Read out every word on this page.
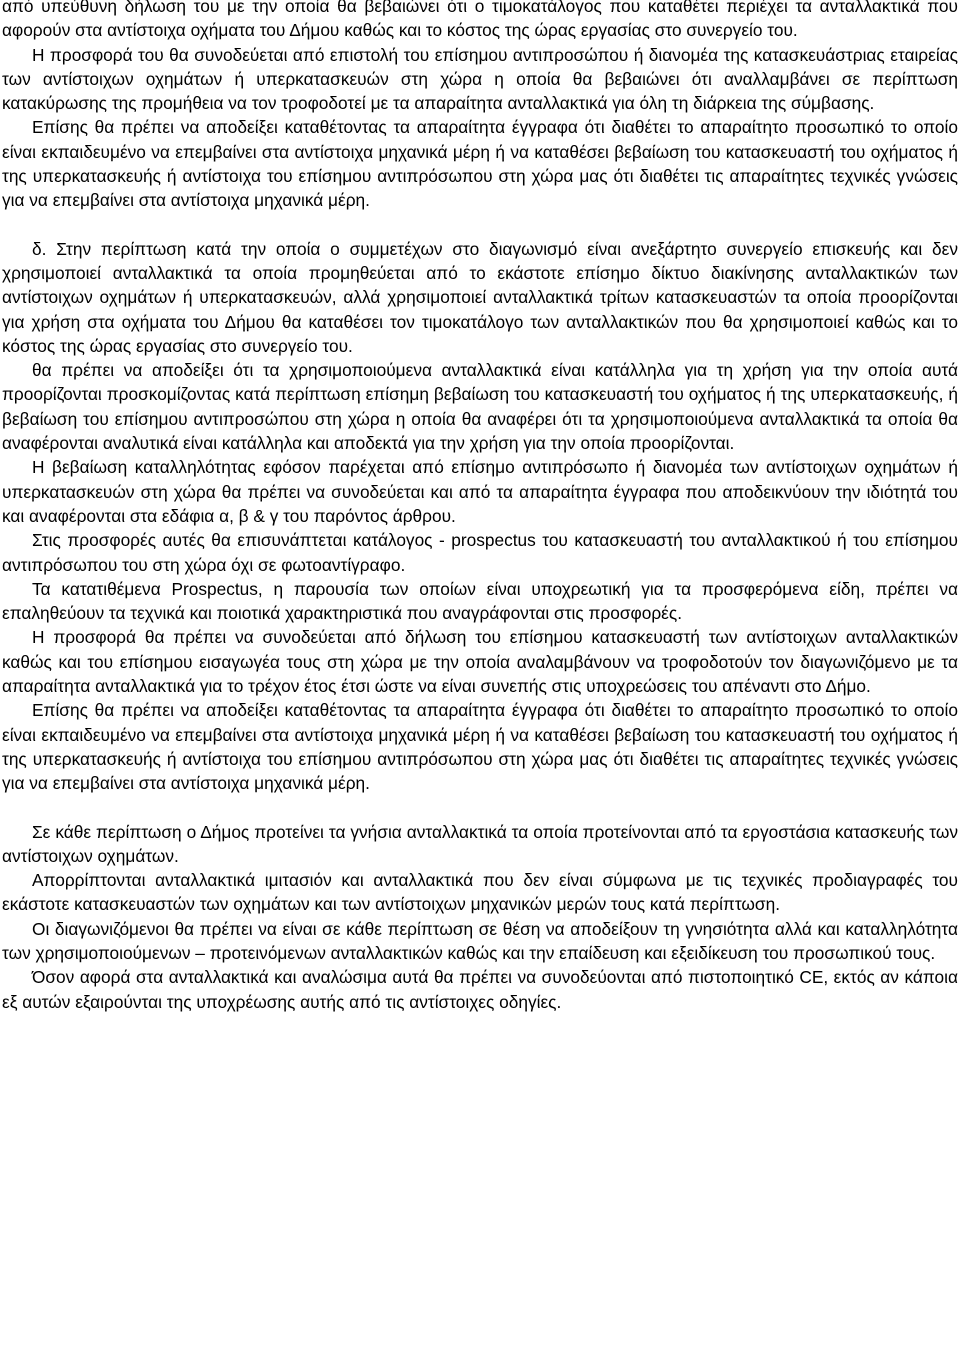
από υπεύθυνη δήλωση του με την οποία θα βεβαιώνει ότι ο τιμοκατάλογος που καταθέτει περιέχει τα ανταλλακτικά που αφορούν στα αντίστοιχα οχήματα του Δήμου καθώς και το κόστος της ώρας εργασίας στο συνεργείο του.

Η προσφορά του θα συνοδεύεται από επιστολή του επίσημου αντιπροσώπου ή διανομέα της κατασκευάστριας εταιρείας των αντίστοιχων οχημάτων ή υπερκατασκευών στη χώρα η οποία θα βεβαιώνει ότι αναλλαμβάνει σε περίπτωση κατακύρωσης της προμήθεια να τον τροφοδοτεί με τα απαραίτητα ανταλλακτικά για όλη τη διάρκεια της σύμβασης.

Επίσης θα πρέπει να αποδείξει καταθέτοντας τα απαραίτητα έγγραφα ότι διαθέτει το απαραίτητο προσωπικό το οποίο είναι εκπαιδευμένο να επεμβαίνει στα αντίστοιχα μηχανικά μέρη ή να καταθέσει βεβαίωση του κατασκευαστή του οχήματος ή της υπερκατασκευής ή αντίστοιχα του επίσημου αντιπρόσωπου στη χώρα μας ότι διαθέτει τις απαραίτητες τεχνικές γνώσεις για να επεμβαίνει στα αντίστοιχα μηχανικά μέρη.

δ. Στην περίπτωση κατά την οποία ο συμμετέχων στο διαγωνισμό είναι ανεξάρτητο συνεργείο επισκευής και δεν χρησιμοποιεί ανταλλακτικά τα οποία προμηθεύεται από το εκάστοτε επίσημο δίκτυο διακίνησης ανταλλακτικών των αντίστοιχων οχημάτων ή υπερκατασκευών, αλλά χρησιμοποιεί ανταλλακτικά τρίτων κατασκευαστών τα οποία προορίζονται για χρήση στα οχήματα του Δήμου θα καταθέσει τον τιμοκατάλογο των ανταλλακτικών που θα χρησιμοποιεί καθώς και το κόστος της ώρας εργασίας στο συνεργείο του.

θα πρέπει να αποδείξει ότι τα χρησιμοποιούμενα ανταλλακτικά είναι κατάλληλα για τη χρήση για την οποία αυτά προορίζονται προσκομίζοντας κατά περίπτωση επίσημη βεβαίωση του κατασκευαστή του οχήματος ή της υπερκατασκευής, ή βεβαίωση του επίσημου αντιπροσώπου στη χώρα η οποία θα αναφέρει ότι τα χρησιμοποιούμενα ανταλλακτικά τα οποία θα αναφέρονται αναλυτικά είναι κατάλληλα και αποδεκτά για την χρήση για την οποία προορίζονται.

Η βεβαίωση καταλληλότητας εφόσον παρέχεται από επίσημο αντιπρόσωπο ή διανομέα των αντίστοιχων οχημάτων ή υπερκατασκευών στη χώρα θα πρέπει να συνοδεύεται και από τα απαραίτητα έγγραφα που αποδεικνύουν την ιδιότητά του και αναφέρονται στα εδάφια α, β & γ του παρόντος άρθρου.

Στις προσφορές αυτές θα επισυνάπτεται κατάλογος - prospectus του κατασκευαστή του ανταλλακτικού ή του επίσημου αντιπρόσωπου του στη χώρα όχι σε φωτοαντίγραφο.

Τα κατατιθέμενα Prospectus, η παρουσία των οποίων είναι υποχρεωτική για τα προσφερόμενα είδη, πρέπει να επαληθεύουν τα τεχνικά και ποιοτικά χαρακτηριστικά που αναγράφονται στις προσφορές.

Η προσφορά θα πρέπει να συνοδεύεται από δήλωση του επίσημου κατασκευαστή των αντίστοιχων ανταλλακτικών καθώς και του επίσημου εισαγωγέα τους στη χώρα με την οποία αναλαμβάνουν να τροφοδοτούν τον διαγωνιζόμενο με τα απαραίτητα ανταλλακτικά για το τρέχον έτος έτσι ώστε να είναι συνεπής στις υποχρεώσεις του απέναντι στο Δήμο.

Επίσης θα πρέπει να αποδείξει καταθέτοντας τα απαραίτητα έγγραφα ότι διαθέτει το απαραίτητο προσωπικό το οποίο είναι εκπαιδευμένο να επεμβαίνει στα αντίστοιχα μηχανικά μέρη ή να καταθέσει βεβαίωση του κατασκευαστή του οχήματος ή της υπερκατασκευής ή αντίστοιχα του επίσημου αντιπρόσωπου στη χώρα μας ότι διαθέτει τις απαραίτητες τεχνικές γνώσεις για να επεμβαίνει στα αντίστοιχα μηχανικά μέρη.

Σε κάθε περίπτωση ο Δήμος προτείνει τα γνήσια ανταλλακτικά τα οποία προτείνονται από τα εργοστάσια κατασκευής των αντίστοιχων οχημάτων.

Απορρίπτονται ανταλλακτικά ιμιτασιόν και ανταλλακτικά που δεν είναι σύμφωνα με τις τεχνικές προδιαγραφές του εκάστοτε κατασκευαστών των οχημάτων και των αντίστοιχων μηχανικών μερών τους κατά περίπτωση.

Οι διαγωνιζόμενοι θα πρέπει να είναι σε κάθε περίπτωση σε θέση να αποδείξουν τη γνησιότητα αλλά και καταλληλότητα των χρησιμοποιούμενων – προτεινόμενων ανταλλακτικών καθώς και την επαίδευση και εξειδίκευση του προσωπικού τους.

Όσον αφορά στα ανταλλακτικά και αναλώσιμα αυτά θα πρέπει να συνοδεύονται από πιστοποιητικό CE, εκτός αν κάποια εξ αυτών εξαιρούνται της υποχρέωσης αυτής από τις αντίστοιχες οδηγίες.
